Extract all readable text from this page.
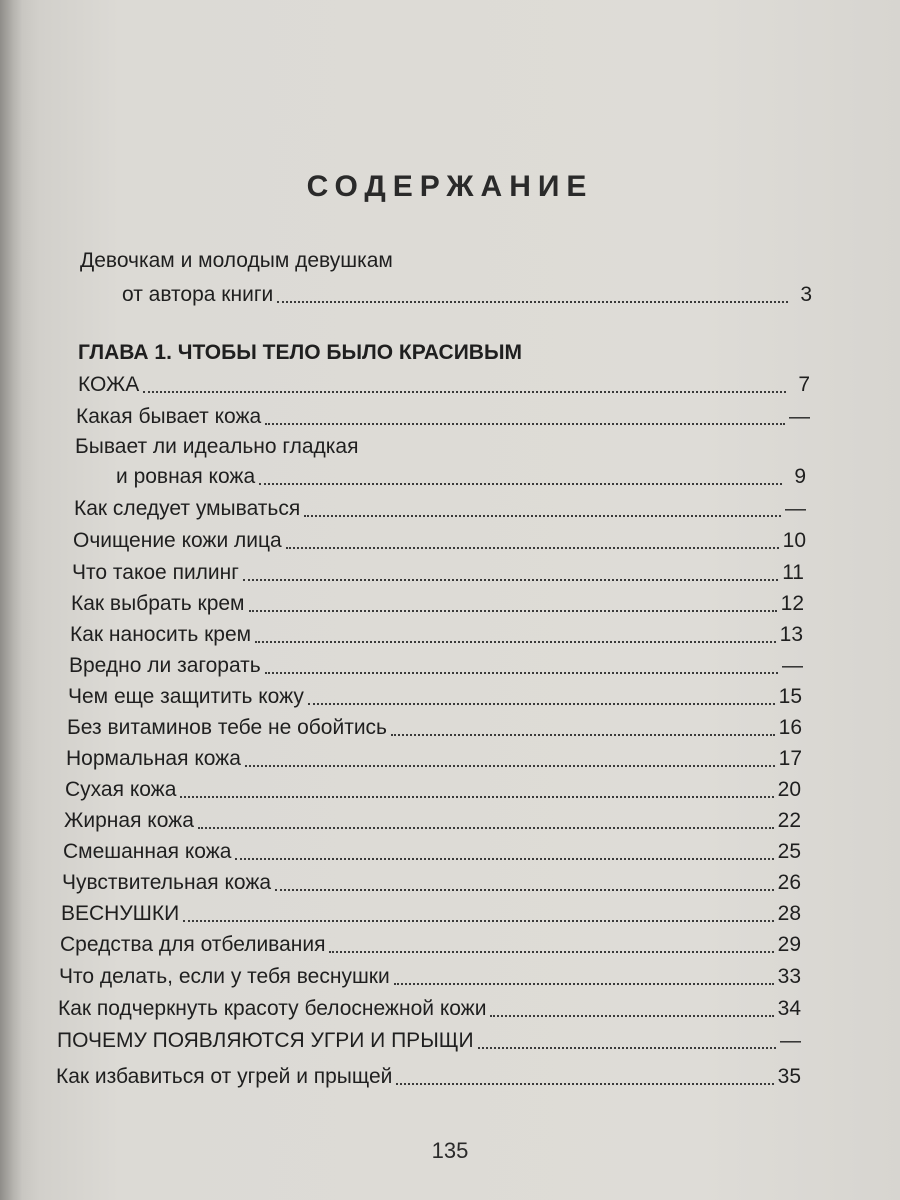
СОДЕРЖАНИЕ
Девочкам и молодым девушкам
от автора книги	3
ГЛАВА 1. ЧТОБЫ ТЕЛО БЫЛО КРАСИВЫМ
КОЖА	7
Какая бывает кожа	—
Бывает ли идеально гладкая
и ровная кожа	9
Как следует умываться	—
Очищение кожи лица	10
Что такое пилинг	11
Как выбрать крем	12
Как наносить крем	13
Вредно ли загорать	—
Чем еще защитить кожу	15
Без витаминов тебе не обойтись	16
Нормальная кожа	17
Сухая кожа	20
Жирная кожа	22
Смешанная кожа	25
Чувствительная кожа	26
ВЕСНУШКИ	28
Средства для отбеливания	29
Что делать, если у тебя веснушки	33
Как подчеркнуть красоту белоснежной кожи	34
ПОЧЕМУ ПОЯВЛЯЮТСЯ УГРИ И ПРЫЩИ	—
Как избавиться от угрей и прыщей	35
135
